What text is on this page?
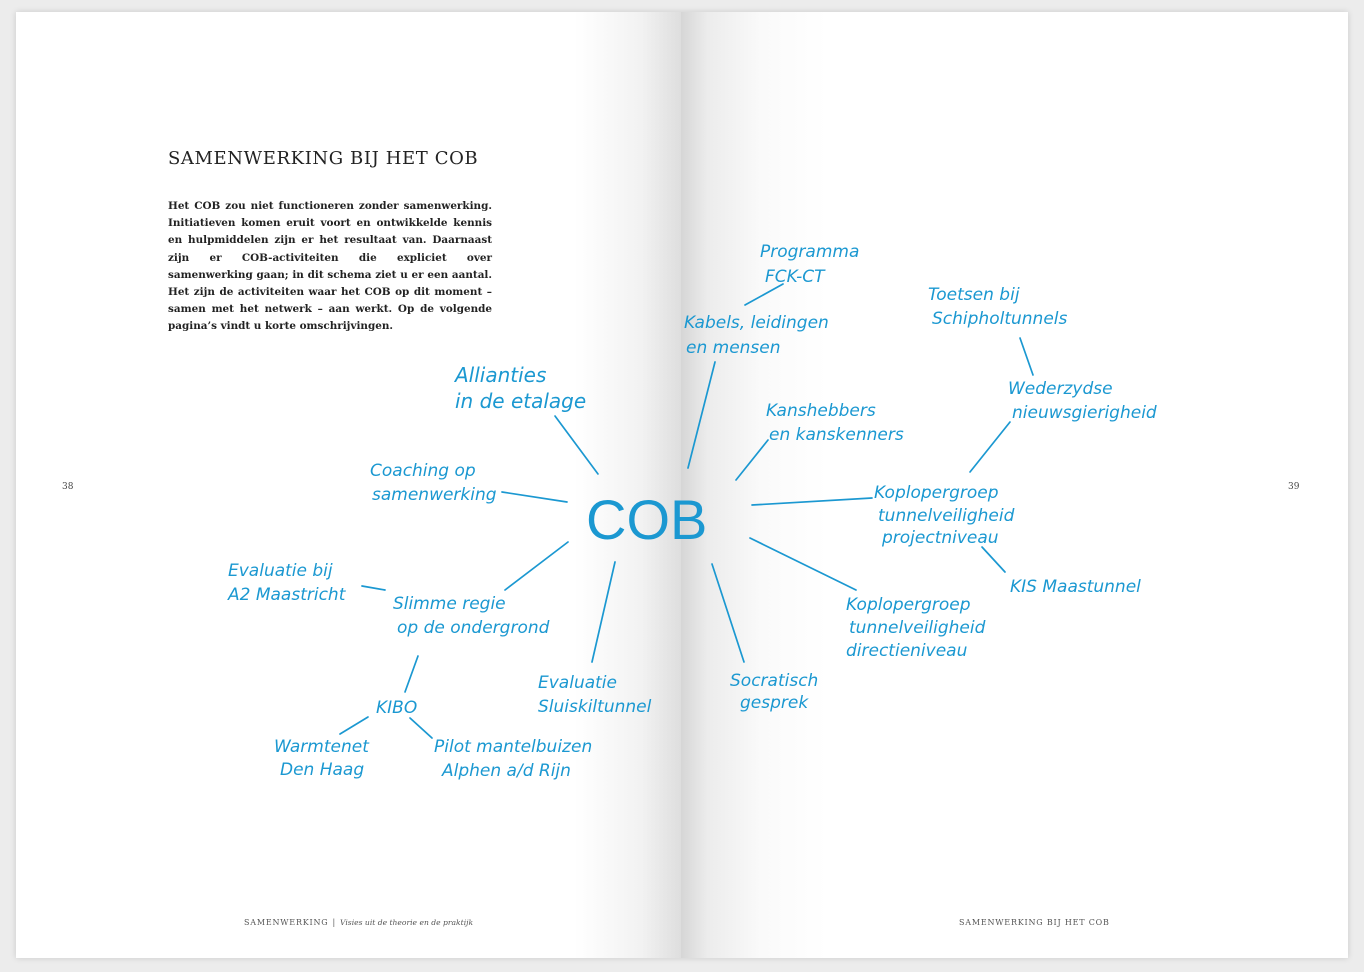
SAMENWERKING BIJ HET COB

Het COB zou niet functioneren zonder samenwerking. Initiatieven komen eruit voort en ontwikkelde kennis en hulpmiddelen zijn er het resultaat van. Daarnaast zijn er COB-activiteiten die expliciet over samenwerking gaan; in dit schema ziet u er een aantal. Het zijn de activiteiten waar het COB op dit moment – samen met het netwerk – aan werkt. Op de volgende pagina’s vindt u korte omschrijvingen.

38
SAMENWERKING | Visies uit de theorie en de praktijk
39
SAMENWERKING BIJ HET COB
COB
Programma
FCK-CT
Kabels, leidingen
en mensen
Toetsen bij
Schipholtunnels
Wederzydse
nieuwsgierigheid
Allianties
in de etalage	Kanshebbers
en kanskenners
Coaching op
samenwerking	Koplopergroep
tunnelveiligheid
projectniveau
Evaluatie bij
A2 Maastricht	Slimme regie
op de ondergrond
KIS Maastunnel
Koplopergroep
tunnelveiligheid
directieniveau
Socratisch
gesprek
Evaluatie
Sluiskiltunnel
KIBO
Warmtenet
Den Haag
Pilot mantelbuizen
Alphen a/d Rijn
